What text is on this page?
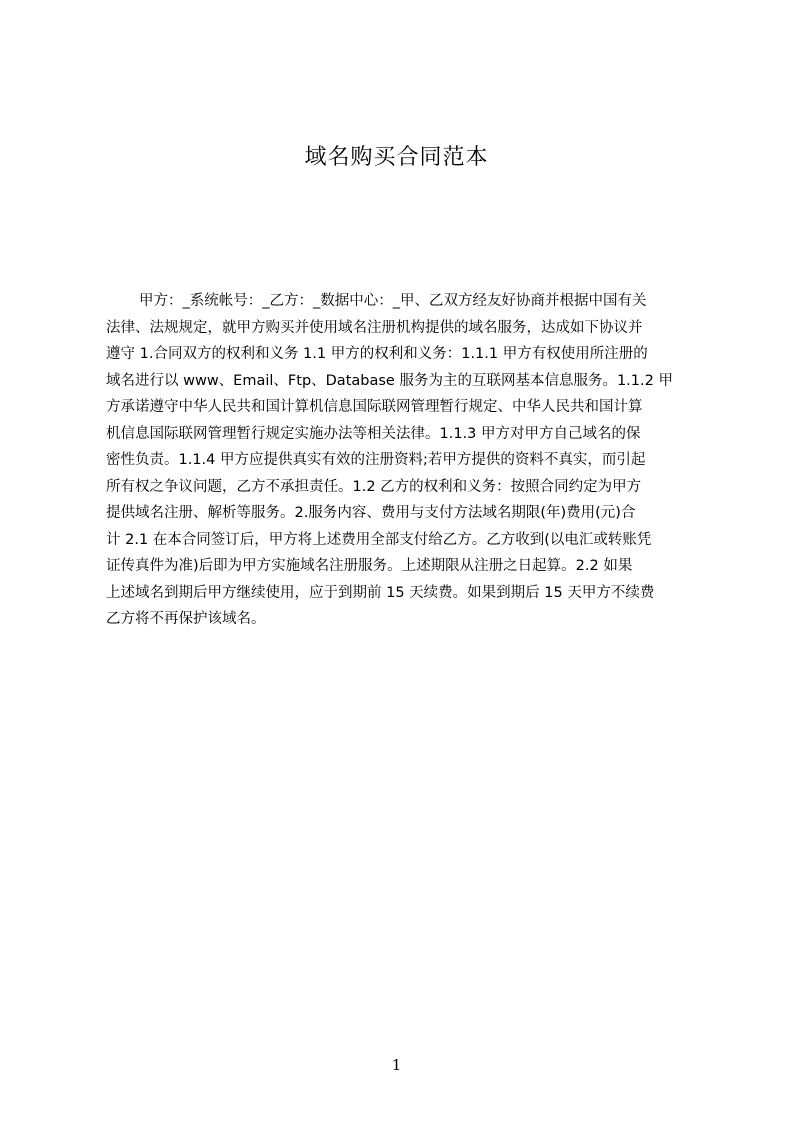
域名购买合同范本
甲方：_系统帐号：_乙方：_数据中心：_甲、乙双方经友好协商并根据中国有关
法律、法规规定，就甲方购买并使用域名注册机构提供的域名服务，达成如下协议并
遵守 1.合同双方的权利和义务 1.1 甲方的权利和义务：1.1.1 甲方有权使用所注册的
域名进行以 www、Email、Ftp、Database 服务为主的互联网基本信息服务。1.1.2 甲
方承诺遵守中华人民共和国计算机信息国际联网管理暂行规定、中华人民共和国计算
机信息国际联网管理暂行规定实施办法等相关法律。1.1.3 甲方对甲方自己域名的保
密性负责。1.1.4 甲方应提供真实有效的注册资料;若甲方提供的资料不真实，而引起
所有权之争议问题，乙方不承担责任。1.2 乙方的权利和义务：按照合同约定为甲方
提供域名注册、解析等服务。2.服务内容、费用与支付方法域名期限(年)费用(元)合
计 2.1 在本合同签订后，甲方将上述费用全部支付给乙方。乙方收到(以电汇或转账凭
证传真件为准)后即为甲方实施域名注册服务。上述期限从注册之日起算。2.2 如果
上述域名到期后甲方继续使用，应于到期前 15 天续费。如果到期后 15 天甲方不续费
乙方将不再保护该域名。
1
